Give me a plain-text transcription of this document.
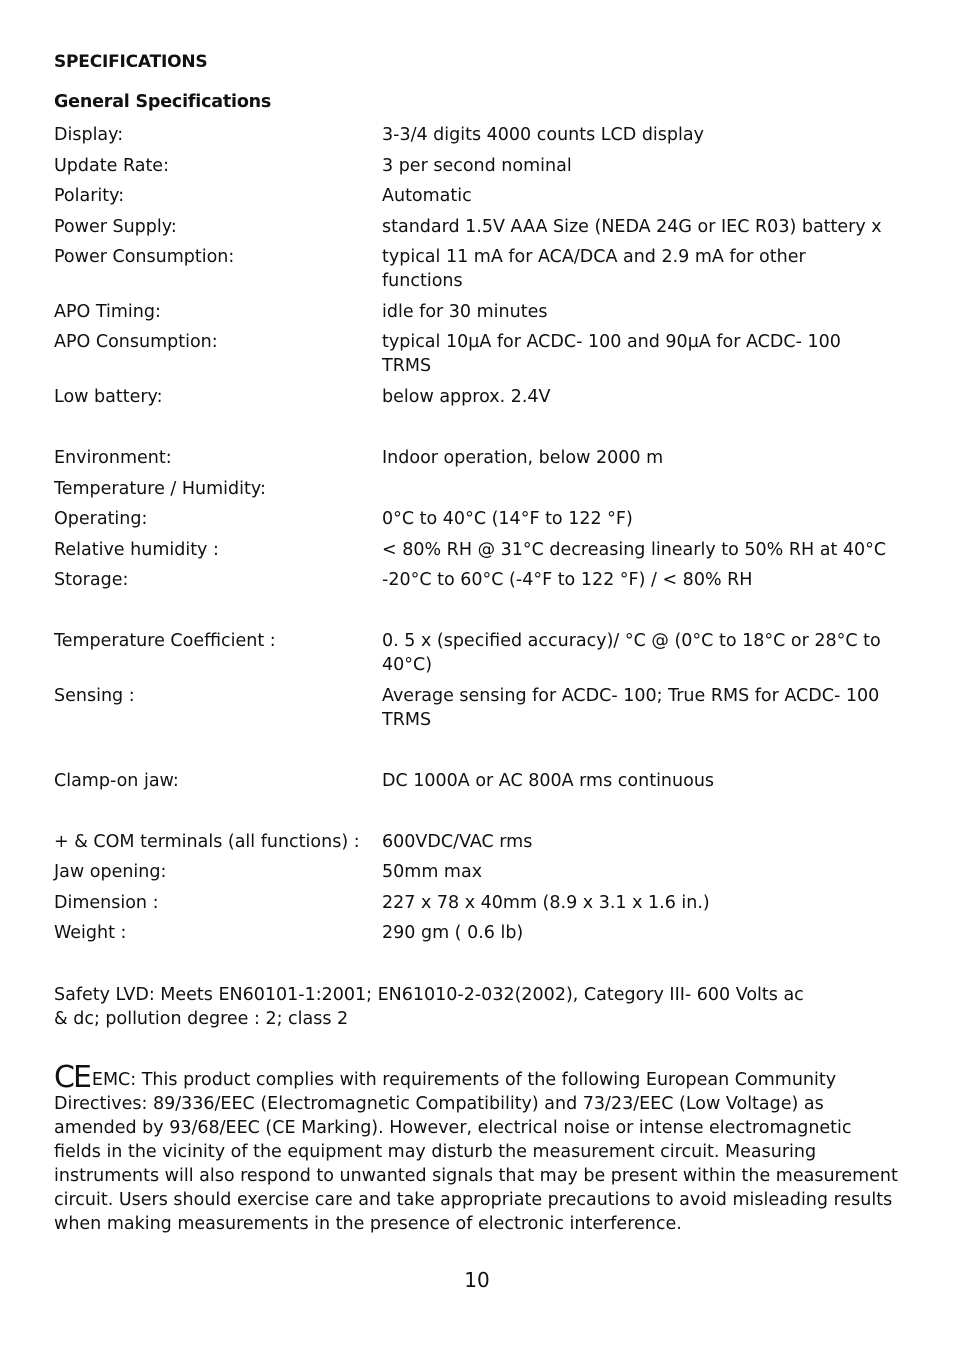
SPECIFICATIONS
General Specifications
Display:	3-3/4 digits 4000 counts LCD display
Update Rate:	3 per second nominal
Polarity:	Automatic
Power Supply:	standard 1.5V AAA Size (NEDA 24G or IEC R03) battery x
Power Consumption:	typical 11 mA for ACA/DCA and 2.9 mA for other functions
APO Timing:	idle for 30 minutes
APO Consumption:	typical 10µA for ACDC- 100 and 90µA for ACDC- 100 TRMS
Low battery:	below approx. 2.4V
Environment:	Indoor operation, below 2000 m
Temperature / Humidity:
Operating:	0°C to 40°C (14°F to 122 °F)
Relative humidity :	< 80% RH @ 31°C decreasing linearly to 50% RH at 40°C
Storage:	-20°C to 60°C (-4°F to 122 °F) / < 80% RH
Temperature Coefficient :	0. 5 x (specified accuracy)/ °C @ (0°C to 18°C or 28°C to 40°C)
Sensing :	Average sensing for ACDC- 100; True RMS for ACDC- 100 TRMS
Clamp-on jaw:	DC 1000A or AC 800A rms continuous
+ & COM terminals (all functions) :	600VDC/VAC rms
Jaw opening:	50mm max
Dimension :	227 x 78 x 40mm (8.9 x 3.1 x 1.6 in.)
Weight :	290 gm ( 0.6 lb)
Safety LVD: Meets EN60101-1:2001; EN61010-2-032(2002), Category III- 600 Volts ac & dc; pollution degree : 2; class 2
CE EMC: This product complies with requirements of the following European Community Directives: 89/336/EEC (Electromagnetic Compatibility) and 73/23/EEC (Low Voltage) as amended by 93/68/EEC (CE Marking). However, electrical noise or intense electromagnetic fields in the vicinity of the equipment may disturb the measurement circuit. Measuring instruments will also respond to unwanted signals that may be present within the measurement circuit. Users should exercise care and take appropriate precautions to avoid misleading results when making measurements in the presence of electronic interference.
10
